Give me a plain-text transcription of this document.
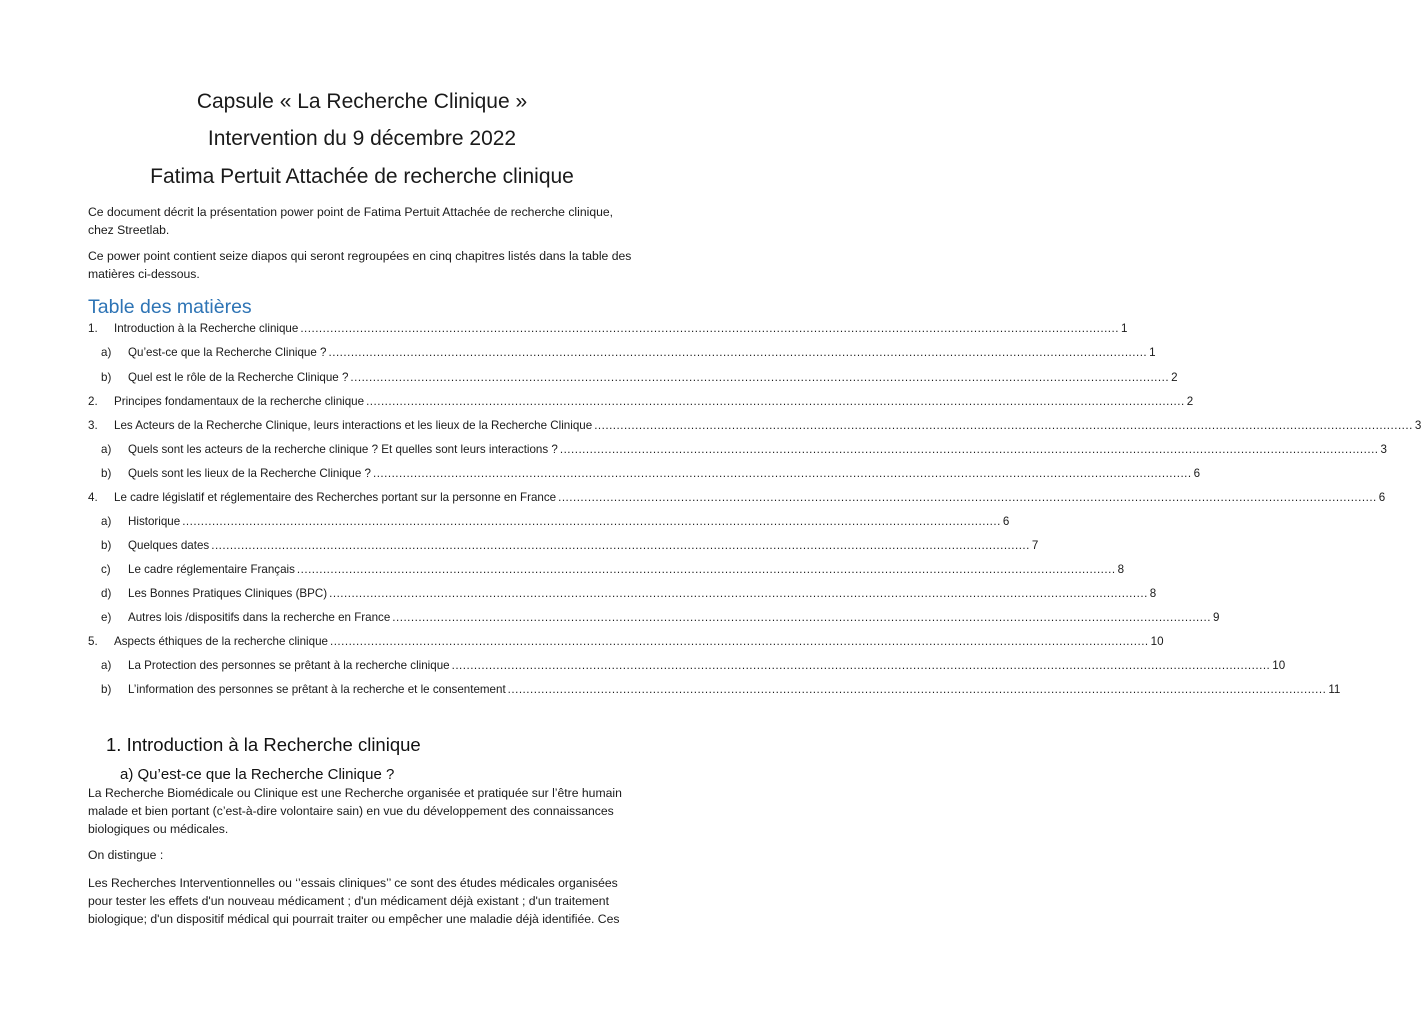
Capsule « La Recherche Clinique »
Intervention du 9 décembre 2022
Fatima Pertuit Attachée de recherche clinique
Ce document décrit la présentation power point de Fatima Pertuit Attachée de recherche clinique, chez Streetlab.
Ce power point contient seize diapos qui seront regroupées en cinq chapitres listés dans la table des matières ci-dessous.
Table des matières
1.	Introduction à la Recherche clinique ............................................................................................................................................................................................................................ 1
a)	Qu’est-ce que la Recherche Clinique ? ............................................................................................................................................................................................................................ 1
b)	Quel est le rôle de la Recherche Clinique ? ............................................................................................................................................................................................................................ 2
2.	Principes fondamentaux de la recherche clinique ............................................................................................................................................................................................................................ 2
3.	Les Acteurs de la Recherche Clinique, leurs interactions et les lieux de la Recherche Clinique ............................................................................................................................................................................................................................ 3
a)	Quels sont les acteurs de la recherche clinique ? Et quelles sont leurs interactions ? ............................................................................................................................................................................................................................ 3
b)	Quels sont les lieux de la Recherche Clinique ? ............................................................................................................................................................................................................................ 6
4.	Le cadre législatif et réglementaire des Recherches portant sur la personne en France ............................................................................................................................................................................................................................ 6
a)	Historique ............................................................................................................................................................................................................................ 6
b)	Quelques dates ............................................................................................................................................................................................................................ 7
c)	Le cadre réglementaire Français ............................................................................................................................................................................................................................ 8
d)	Les Bonnes Pratiques Cliniques (BPC) ............................................................................................................................................................................................................................ 8
e)	Autres lois /dispositifs dans la recherche en France ............................................................................................................................................................................................................................ 9
5.	Aspects éthiques de la recherche clinique ............................................................................................................................................................................................................................ 10
a)	La Protection des personnes se prêtant à la recherche clinique ............................................................................................................................................................................................................................ 10
b)	L’information des personnes se prêtant à la recherche et le consentement ............................................................................................................................................................................................................................ 11
1. Introduction à la Recherche clinique
a) Qu’est-ce que la Recherche Clinique ?
La Recherche Biomédicale ou Clinique est une Recherche organisée et pratiquée sur l’être humain
malade et bien portant (c’est-à-dire volontaire sain) en vue du développement des connaissances
biologiques ou médicales.
On distingue :
Les Recherches Interventionnelles ou ‘’essais cliniques’’ ce sont des études médicales organisées
pour tester les effets d'un nouveau médicament ; d'un médicament déjà existant ; d'un traitement
biologique; d'un dispositif médical qui pourrait traiter ou empêcher une maladie déjà identifiée. Ces
